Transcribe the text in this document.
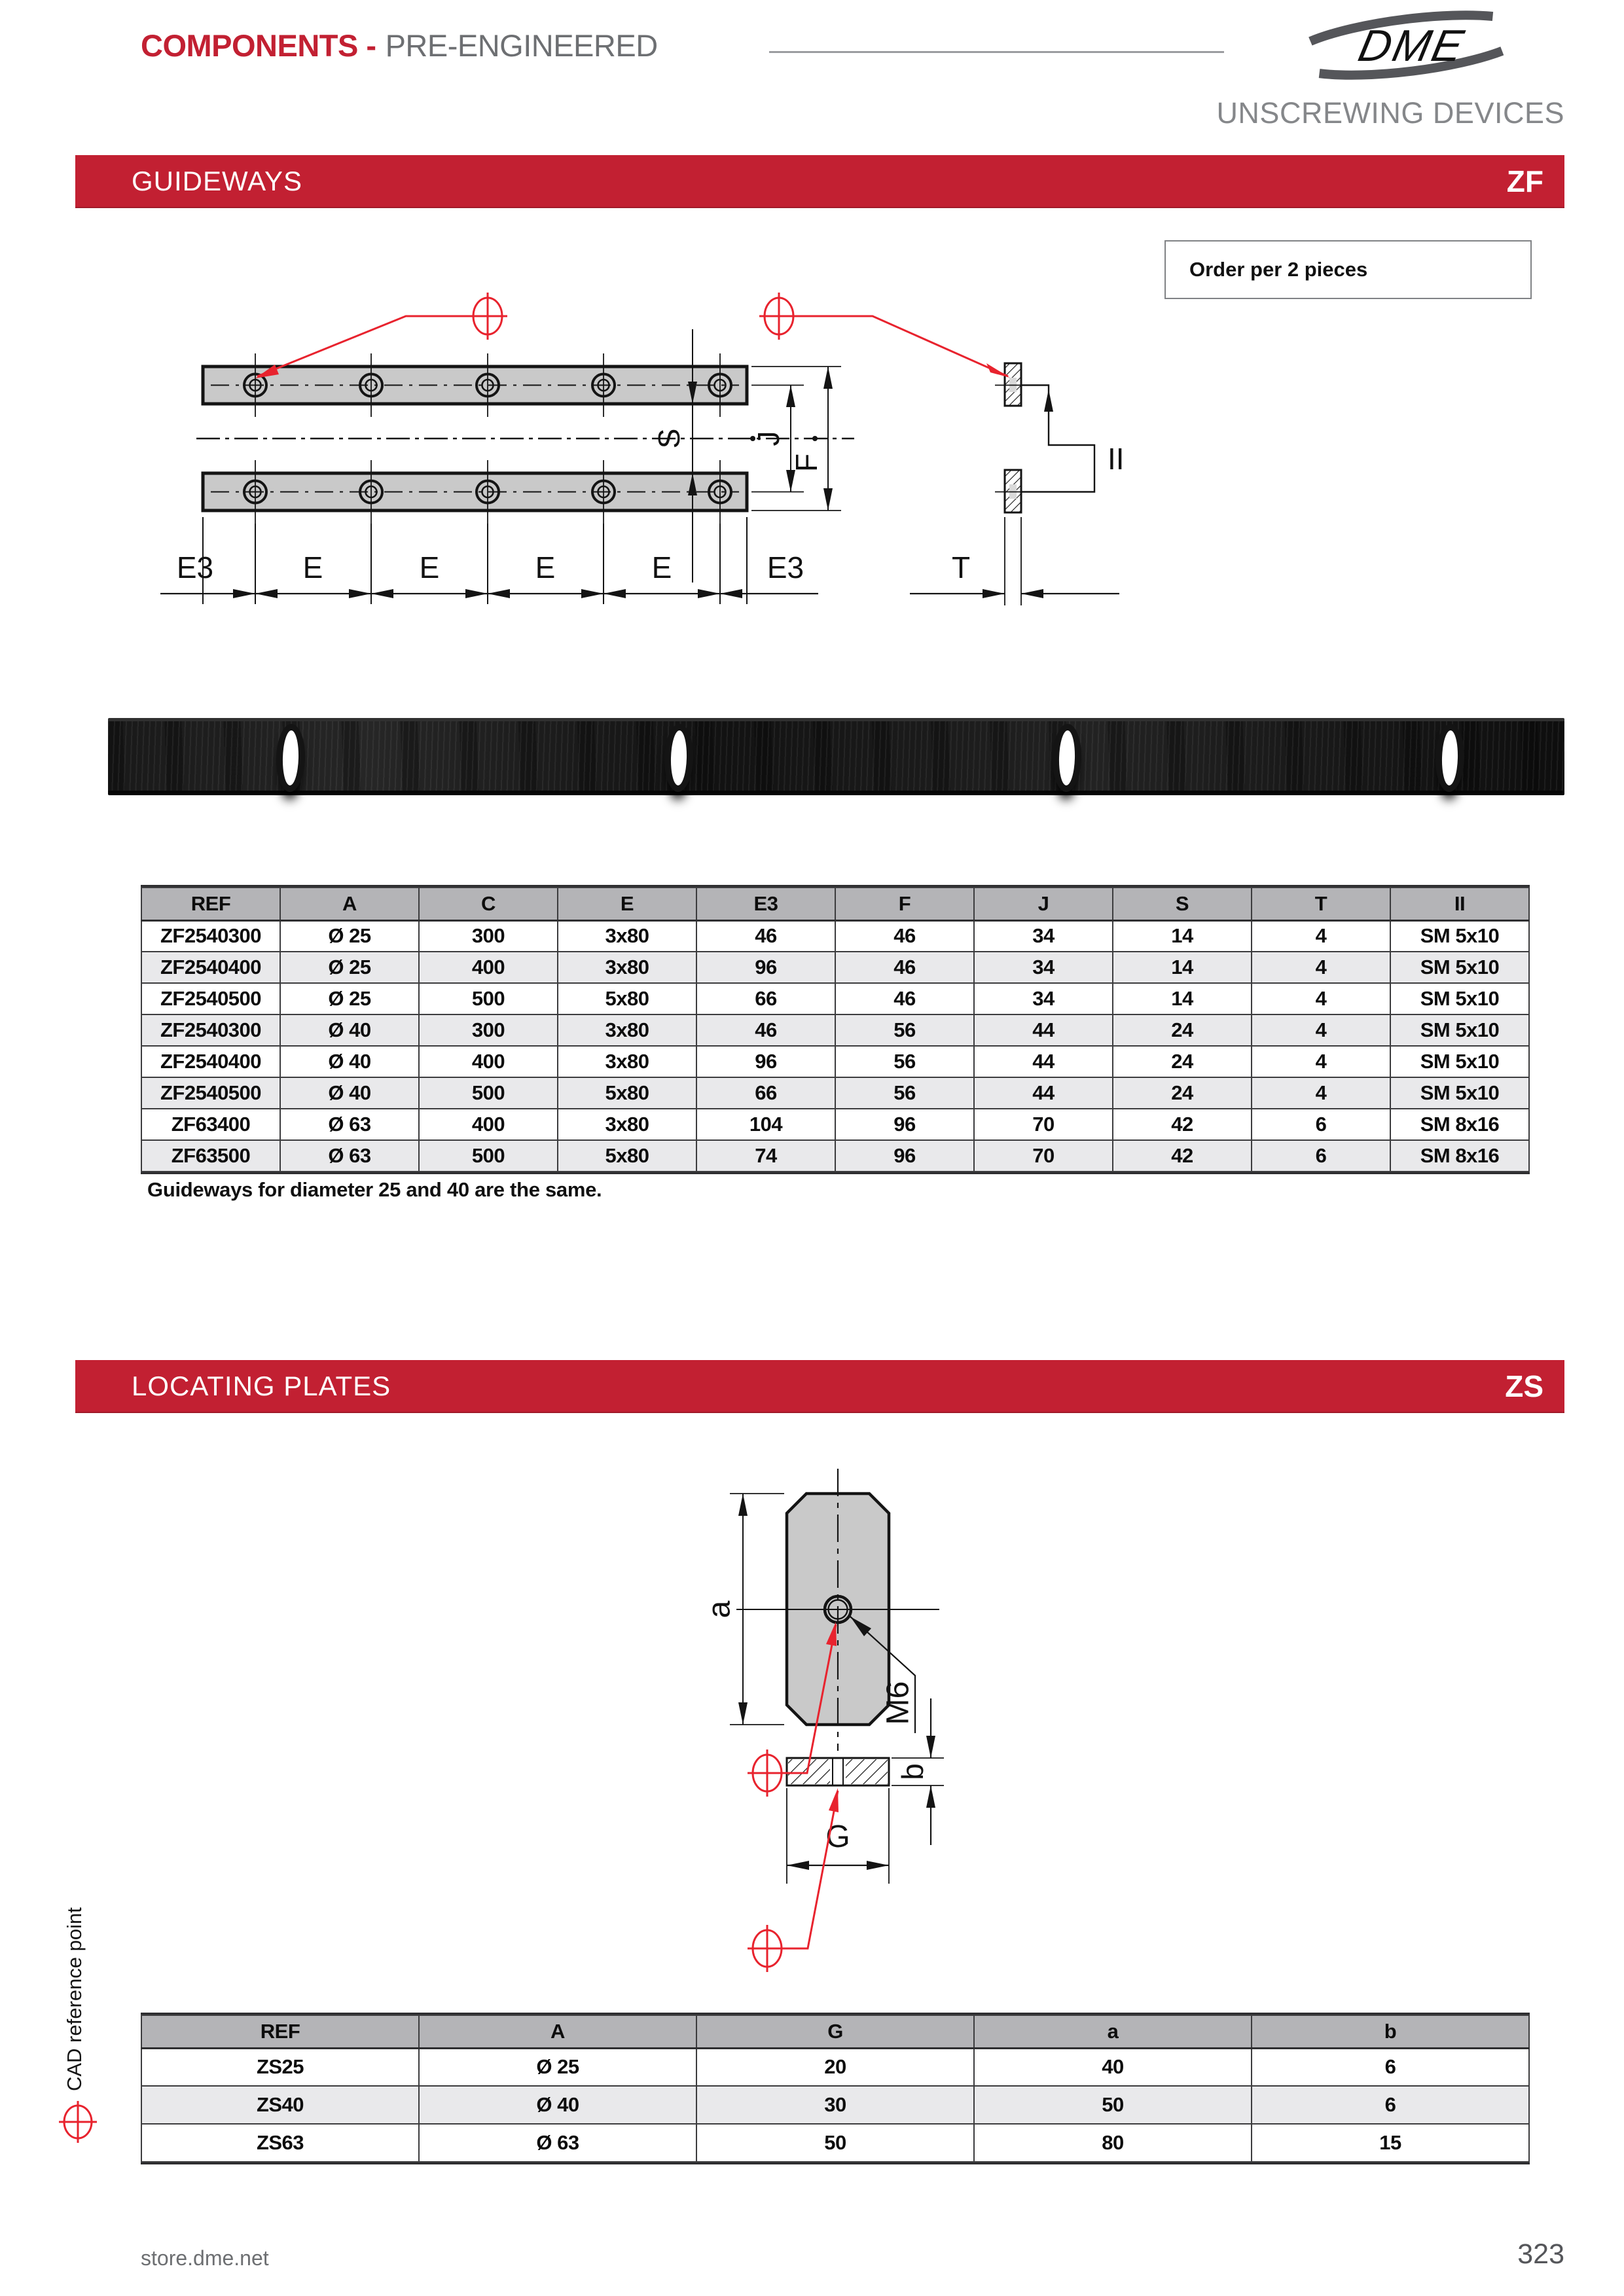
COMPONENTS - PRE-ENGINEERED	DME
UNSCREWING DEVICES
GUIDEWAYS	ZF
Order per 2 pieces
S J
F	II
T
E3	E	E	E	E	E3
REF	A	C	E	E3	F	J	S	T	II
ZF2540300	Ø 25	300	3x80	46	46	34	14	4	SM 5x10
ZF2540400	Ø 25	400	3x80	96	46	34	14	4	SM 5x10
ZF2540500	Ø 25	500	5x80	66	46	34	14	4	SM 5x10
ZF2540300	Ø 40	300	3x80	46	56	44	24	4	SM 5x10
ZF2540400	Ø 40	400	3x80	96	56	44	24	4	SM 5x10
ZF2540500	Ø 40	500	5x80	66	56	44	24	4	SM 5x10
ZF63400	Ø 63	400	3x80	104	96	70	42	6	SM 8x16
ZF63500	Ø 63	500	5x80	74	96	70	42	6	SM 8x16
Guideways for diameter 25 and 40 are the same.
LOCATING PLATES	ZS
a
M6
b
G
REF	A	G	a	b
ZS25	Ø 25	20	40	6
ZS40	Ø 40	30	50	6
ZS63	Ø 63	50	80	15
CAD reference point
store.dme.net	323
